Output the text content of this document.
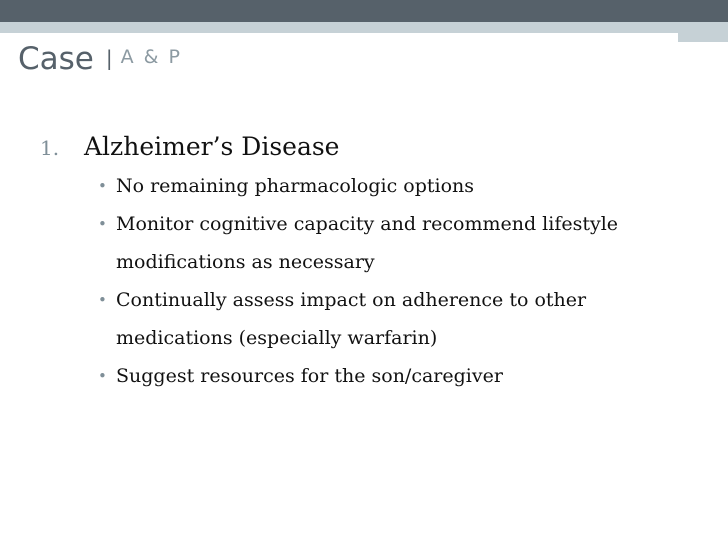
Case | A & P
1. Alzheimer’s Disease
• No remaining pharmacologic options
• Monitor cognitive capacity and recommend lifestyle modifications as necessary
• Continually assess impact on adherence to other medications (especially warfarin)
• Suggest resources for the son/caregiver
